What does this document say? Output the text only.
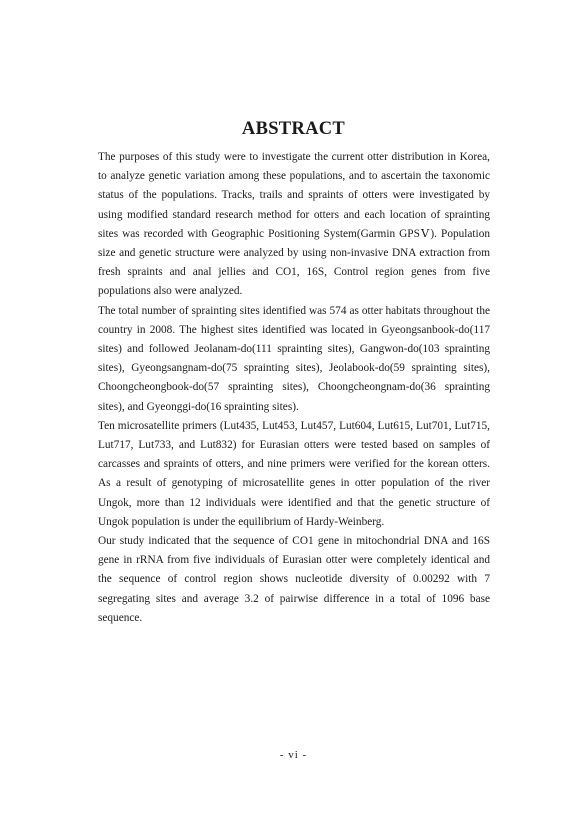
ABSTRACT

The purposes of this study were to investigate the current otter distribution in Korea, to analyze genetic variation among these populations, and to ascertain the taxonomic status of the populations. Tracks, trails and spraints of otters were investigated by using modified standard research method for otters and each location of sprainting sites was recorded with Geographic Positioning System(Garmin GPSⅤ). Population size and genetic structure were analyzed by using non-invasive DNA extraction from fresh spraints and anal jellies and CO1, 16S, Control region genes from five populations also were analyzed.

The total number of sprainting sites identified was 574 as otter habitats throughout the country in 2008. The highest sites identified was located in Gyeongsanbook-do(117 sites) and followed Jeolanam-do(111 sprainting sites), Gangwon-do(103 sprainting sites), Gyeongsangnam-do(75 sprainting sites), Jeolabook-do(59 sprainting sites), Choongcheongbook-do(57 sprainting sites), Choongcheongnam-do(36 sprainting sites), and Gyeonggi-do(16 sprainting sites).

Ten microsatellite primers (Lut435, Lut453, Lut457, Lut604, Lut615, Lut701, Lut715, Lut717, Lut733, and Lut832) for Eurasian otters were tested based on samples of carcasses and spraints of otters, and nine primers were verified for the korean otters. As a result of genotyping of microsatellite genes in otter population of the river Ungok, more than 12 individuals were identified and that the genetic structure of Ungok population is under the equilibrium of Hardy-Weinberg.

Our study indicated that the sequence of CO1 gene in mitochondrial DNA and 16S gene in rRNA from five individuals of Eurasian otter were completely identical and the sequence of control region shows nucleotide diversity of 0.00292 with 7 segregating sites and average 3.2 of pairwise difference in a total of 1096 base sequence.

- vi -
